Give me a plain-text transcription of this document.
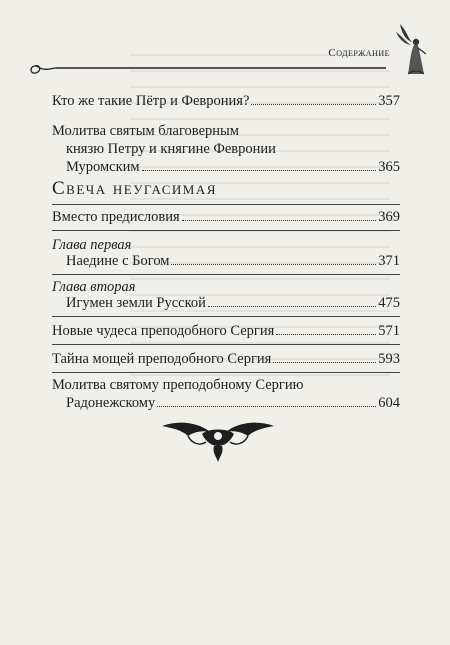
Содержание
Кто же такие Пётр и Феврония?	357
Молитва святым благоверным
князю Петру и княгине Февронии
Муромским	365
Свеча неугасимая
Вместо предисловия	369
Глава первая
Наедине с Богом	371
Глава вторая
Игумен земли Русской	475
Новые чудеса преподобного Сергия	571
Тайна мощей преподобного Сергия	593
Молитва святому преподобному Сергию
Радонежскому	604
